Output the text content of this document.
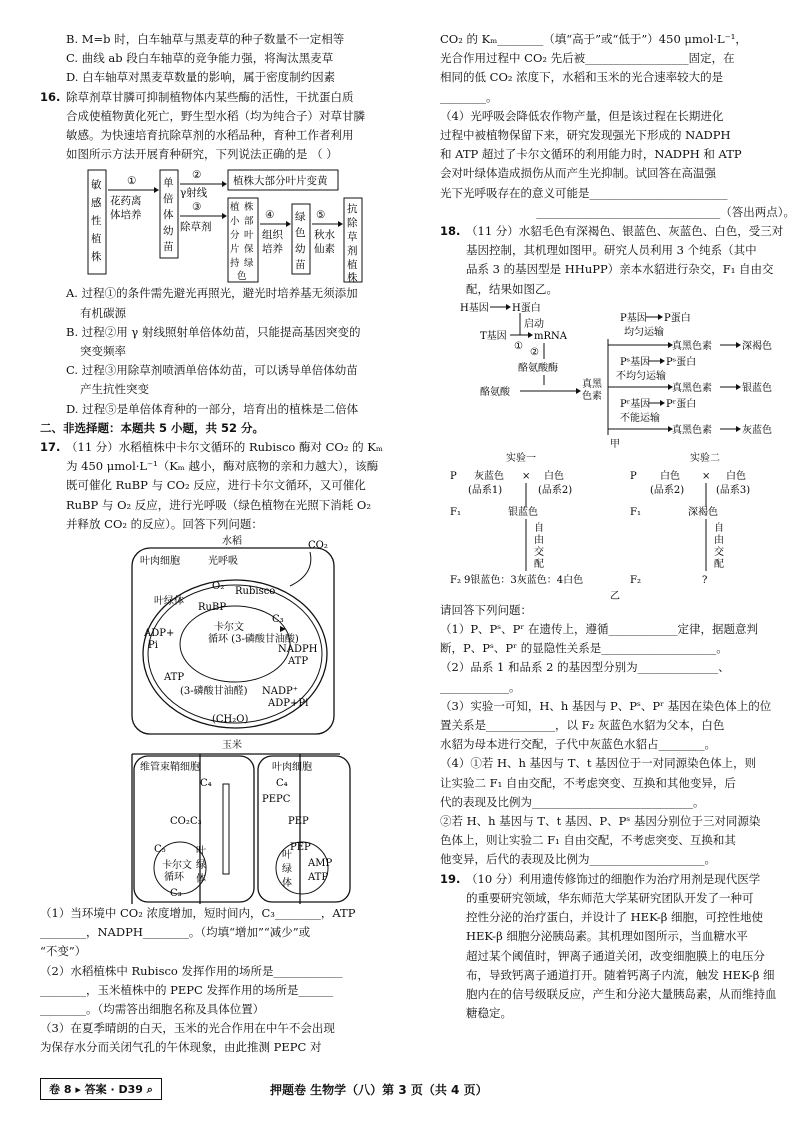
B. M=b 时，白车轴草与黑麦草的种子数量不一定相等

C. 曲线 ab 段白车轴草的竞争能力强，将淘汰黑麦草

D. 白车轴草对黑麦草数量的影响，属于密度制约因素

16. 除草剂草甘膦可抑制植物体内某些酶的活性，干扰蛋白质

合成使植物黄化死亡，野生型水稻（均为纯合子）对草甘膦

敏感。为快速培育抗除草剂的水稻品种，育种工作者利用

如图所示方法开展育种研究，下列说法正确的是 （ ）

敏
感
性
植
株
①
花药离
体培养
单
倍
体
幼
苗
②
γ射线
植株大部分叶片变黄
③
除草剂
植 株
小 部
分 叶
片 保
持 绿
色
④
组织
培养
绿
色
幼
苗
⑤
秋水
仙素
抗
除
草
剂
植
株

A. 过程①的条件需先避光再照光，避光时培养基无须添加

有机碳源

B. 过程②用 γ 射线照射单倍体幼苗，只能提高基因突变的

突变频率

C. 过程③用除草剂喷洒单倍体幼苗，可以诱导单倍体幼苗

产生抗性突变

D. 过程⑤是单倍体育种的一部分，培育出的植株是二倍体

二、非选择题：本题共 5 小题，共 52 分。

17. （11 分）水稻植株中卡尔文循环的 Rubisco 酶对 CO₂ 的 Kₘ

为 450 μmol·L⁻¹（Kₘ 越小，酶对底物的亲和力越大），该酶

既可催化 RuBP 与 CO₂ 反应，进行卡尔文循环，又可催化

RuBP 与 O₂ 反应，进行光呼吸（绿色植物在光照下消耗 O₂

并释放 CO₂ 的反应）。回答下列问题：

水稻	CO₂
叶肉细胞	光呼吸
O₂ Rubisco
叶绿体
RuBP
C₃
卡尔文
循环 (3-磷酸甘油酸)
ADP+
Pi	NADPH
ATP
ATP
(3-磷酸甘油醛) NADP⁺
ADP+Pi
(CH₂O)
玉米
维管束鞘细胞	叶肉细胞
C₄	C₄
PEPC
CO₂ C₃	PEP
C₅
卡尔文
循环
叶
绿
体
C₃
PEP
AMP
ATP
叶
绿
体

（1）当环境中 CO₂ 浓度增加，短时间内，C₃________，ATP

________，NADPH________。（均填“增加”“减少”或

“不变”）

（2）水稻植株中 Rubisco 发挥作用的场所是____________

________，玉米植株中的 PEPC 发挥作用的场所是______

________。（均需答出细胞名称及具体位置）

（3）在夏季晴朗的白天，玉米的光合作用在中午不会出现

为保存水分而关闭气孔的午休现象，由此推测 PEPC 对

CO₂ 的 Kₘ________（填“高于”或“低于”）450 μmol·L⁻¹，

光合作用过程中 CO₂ 先后被__________________固定，在

相同的低 CO₂ 浓度下，水稻和玉米的光合速率较大的是

________。

（4）光呼吸会降低农作物产量，但是该过程在长期进化

过程中被植物保留下来，研究发现强光下形成的 NADPH

和 ATP 超过了卡尔文循环的利用能力时，NADPH 和 ATP

会对叶绿体造成损伤从而产生光抑制。试回答在高温强

光下光呼吸存在的意义可能是________________________

________________________________（答出两点）。

18. （11 分）水貂毛色有深褐色、银蓝色、灰蓝色、白色，受三对

基因控制，其机理如图甲。研究人员利用 3 个纯系（其中

品系 3 的基因型是 HHuPP）亲本水貂进行杂交，F₁ 自由交

配，结果如图乙。

H基因 H蛋白
启动
T基因
①
mRNA
②
酪氨酸酶
酪氨酸
真黑
色素
P基因 P蛋白
均匀运输
真黑色素	深褐色
Pˢ基因 Pˢ蛋白
不均匀运输
真黑色素	银蓝色
Pʳ基因 Pʳ蛋白
不能运输
真黑色素	灰蓝色
甲
实验一
P 灰蓝色 × 白色
(品系1)	(品系2)
F₁	银蓝色
自
由
交
配
F₂ 9银蓝色：3灰蓝色：4白色
实验二
P 白色 × 白色
(品系2)	(品系3)
F₁	深褐色
自
由
交
配
F₂	?
乙

请回答下列问题：

（1）P、Pˢ、Pʳ 在遗传上，遵循____________定律，据题意判

断，P、Pˢ、Pʳ 的显隐性关系是____________________。

（2）品系 1 和品系 2 的基因型分别为______________、

____________。

（3）实验一可知，H、h 基因与 P、Pˢ、Pʳ 基因在染色体上的位

置关系是____________，以 F₂ 灰蓝色水貂为父本，白色

水貂为母本进行交配，子代中灰蓝色水貂占________。

（4）①若 H、h 基因与 T、t 基因位于一对同源染色体上，则

让实验二 F₁ 自由交配，不考虑突变、互换和其他变异，后

代的表现及比例为____________________________。

②若 H、h 基因与 T、t 基因、P、Pˢ 基因分别位于三对同源染

色体上，则让实验二 F₁ 自由交配，不考虑突变、互换和其

他变异，后代的表现及比例为____________________。

19. （10 分）利用遗传修饰过的细胞作为治疗用剂是现代医学

的重要研究领域，华东师范大学某研究团队开发了一种可

控性分泌的治疗蛋白，并设计了 HEK-β 细胞，可控性地使

HEK-β 细胞分泌胰岛素。其机理如图所示，当血糖水平

超过某个阈值时，钾离子通道关闭，改变细胞膜上的电压分

布，导致钙离子通道打开。随着钙离子内流，触发 HEK-β 细

胞内在的信号级联反应，产生和分泌大量胰岛素，从而维持血

糖稳定。

卷 8 ▸ 答案 · D39 ⌕	押题卷 生物学（八）第 3 页（共 4 页）
